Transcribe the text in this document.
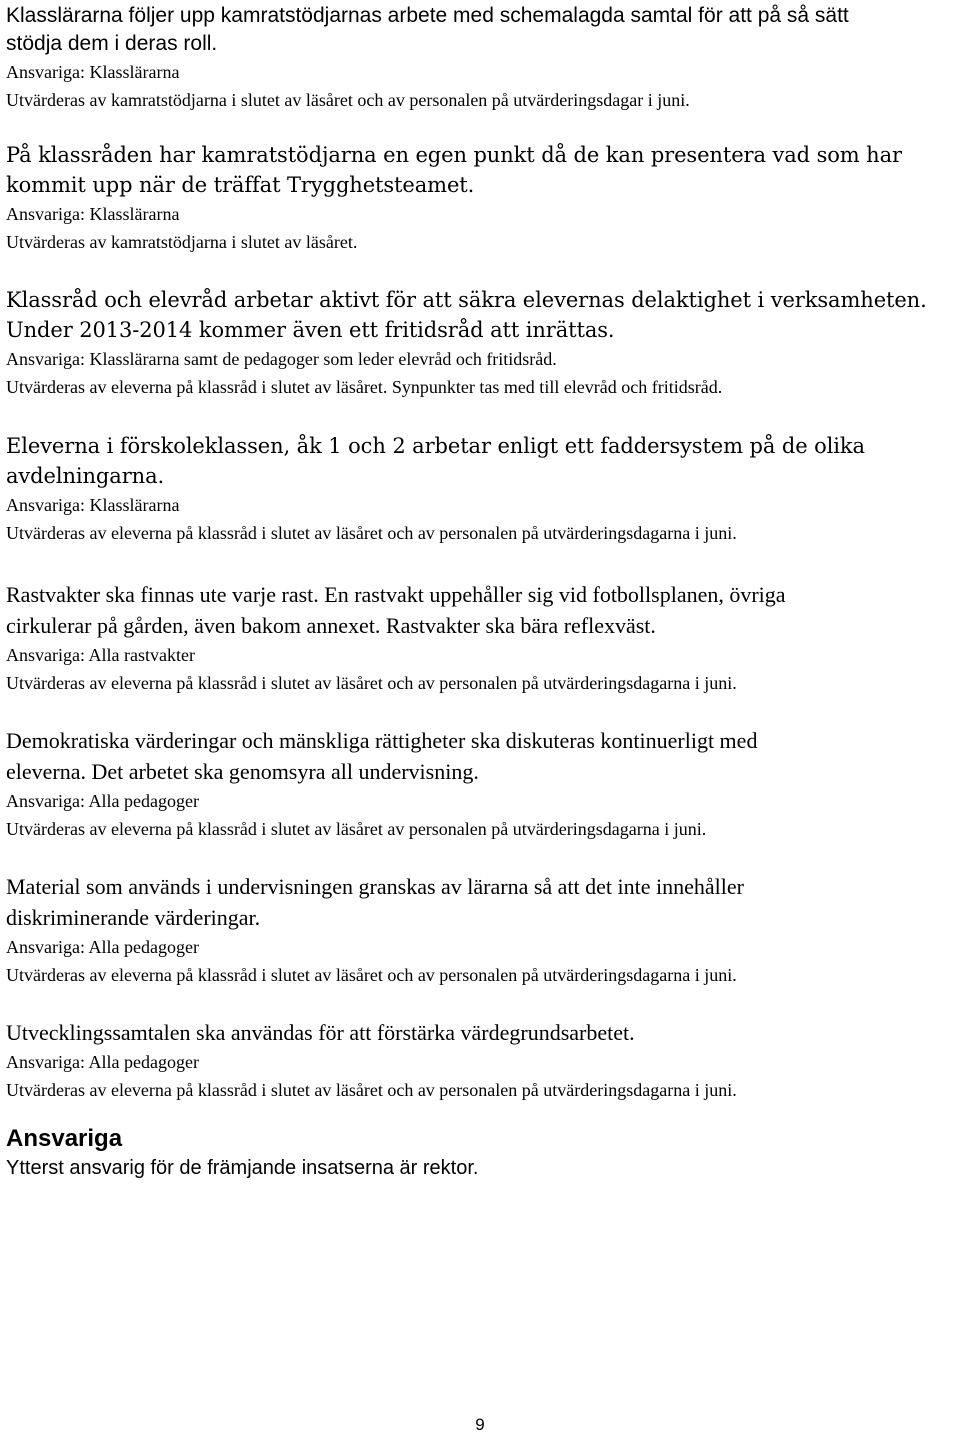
Klasslärarna följer upp kamratstödjarnas arbete med schemalagda samtal för att på så sätt
stödja dem i deras roll.

Ansvariga: Klasslärarna

Utvärderas av kamratstödjarna i slutet av läsåret och av personalen på utvärderingsdagar i juni.

På klassråden har kamratstödjarna en egen punkt då de kan presentera vad som har
kommit upp när de träffat Trygghetsteamet.

Ansvariga: Klasslärarna

Utvärderas av kamratstödjarna i slutet av läsåret.

Klassråd och elevråd arbetar aktivt för att säkra elevernas delaktighet i verksamheten.
Under 2013-2014 kommer även ett fritidsråd att inrättas.

Ansvariga: Klasslärarna samt de pedagoger som leder elevråd och fritidsråd.

Utvärderas av eleverna på klassråd i slutet av läsåret. Synpunkter tas med till elevråd och fritidsråd.

Eleverna i förskoleklassen, åk 1 och 2 arbetar enligt ett faddersystem på de olika
avdelningarna.

Ansvariga: Klasslärarna

Utvärderas av eleverna på klassråd i slutet av läsåret och av personalen på utvärderingsdagarna i juni.

Rastvakter ska finnas ute varje rast. En rastvakt uppehåller sig vid fotbollsplanen, övriga
cirkulerar på gården, även bakom annexet. Rastvakter ska bära reflexväst.

Ansvariga: Alla rastvakter

Utvärderas av eleverna på klassråd i slutet av läsåret och av personalen på utvärderingsdagarna i juni.

Demokratiska värderingar och mänskliga rättigheter ska diskuteras kontinuerligt med
eleverna. Det arbetet ska genomsyra all undervisning.

Ansvariga: Alla pedagoger

Utvärderas av eleverna på klassråd i slutet av läsåret av personalen på utvärderingsdagarna i juni.

Material som används i undervisningen granskas av lärarna så att det inte innehåller
diskriminerande värderingar.

Ansvariga: Alla pedagoger

Utvärderas av eleverna på klassråd i slutet av läsåret och av personalen på utvärderingsdagarna i juni.

Utvecklingssamtalen ska användas för att förstärka värdegrundsarbetet.

Ansvariga: Alla pedagoger

Utvärderas av eleverna på klassråd i slutet av läsåret och av personalen på utvärderingsdagarna i juni.

Ansvariga

Ytterst ansvarig för de främjande insatserna är rektor.

9
